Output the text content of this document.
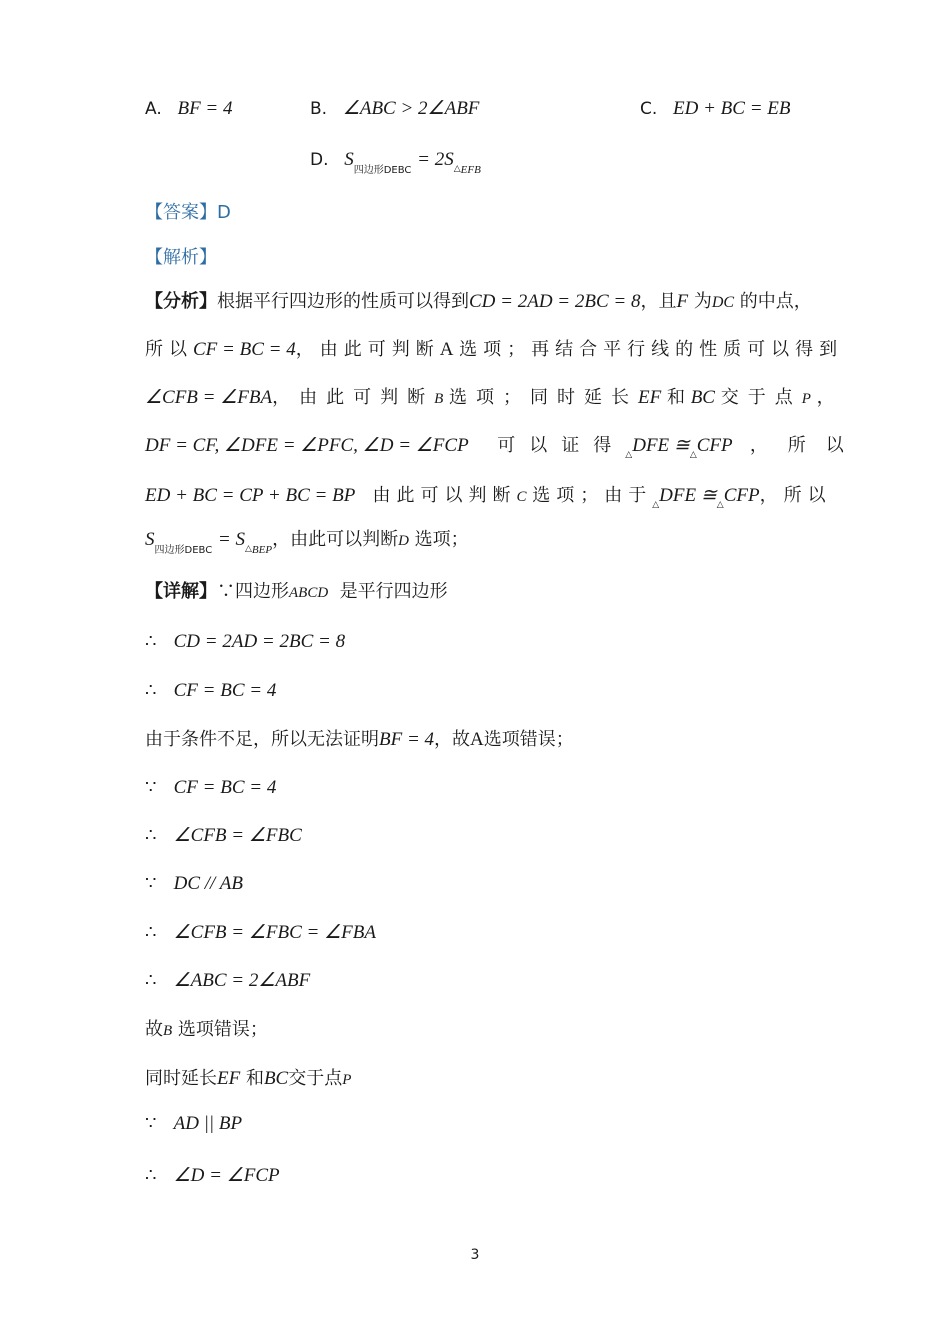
A. BF = 4	B. ∠ABC > 2∠ABF	C. ED + BC = EB
D. $S_{四边形DEBC} = 2S_{\triangle EFB}$
【答案】D
【解析】
【分析】根据平行四边形的性质可以得到CD = 2AD = 2BC = 8，且F 为DC 的中点，
所以CF = BC = 4，由此可判断A 选项；再结合平行线的性质可以得到
∠CFB = ∠FBA，由此可判断B 选项；同时延长EF 和 BC 交于点P ，
DF = CF, ∠DFE = ∠PFC, ∠D = ∠FCP 可以证得$_\triangle$DFE $≅_\triangle CFP$ ，所以
ED + BC = CP + BC = BP 由此可以判断C 选项；由于$_\triangle$DFE $≅_\triangle CFP$，所以
$S_{四边形DEBC} = S_{\triangle BEP}$，由此可以判断D 选项；
【详解】∵四边形ABCD 是平行四边形
∴ CD = 2AD = 2BC = 8
∴ CF = BC = 4
由于条件不足，所以无法证明BF = 4，故A选项错误；
∵ CF = BC = 4
∴ ∠CFB = ∠FBC
∵ DC // AB
∴ ∠CFB = ∠FBC = ∠FBA
∴ ∠ABC = 2∠ABF
故B 选项错误；
同时延长EF 和BC交于点P
∵ AD || BP
∴ ∠D = ∠FCP
3
